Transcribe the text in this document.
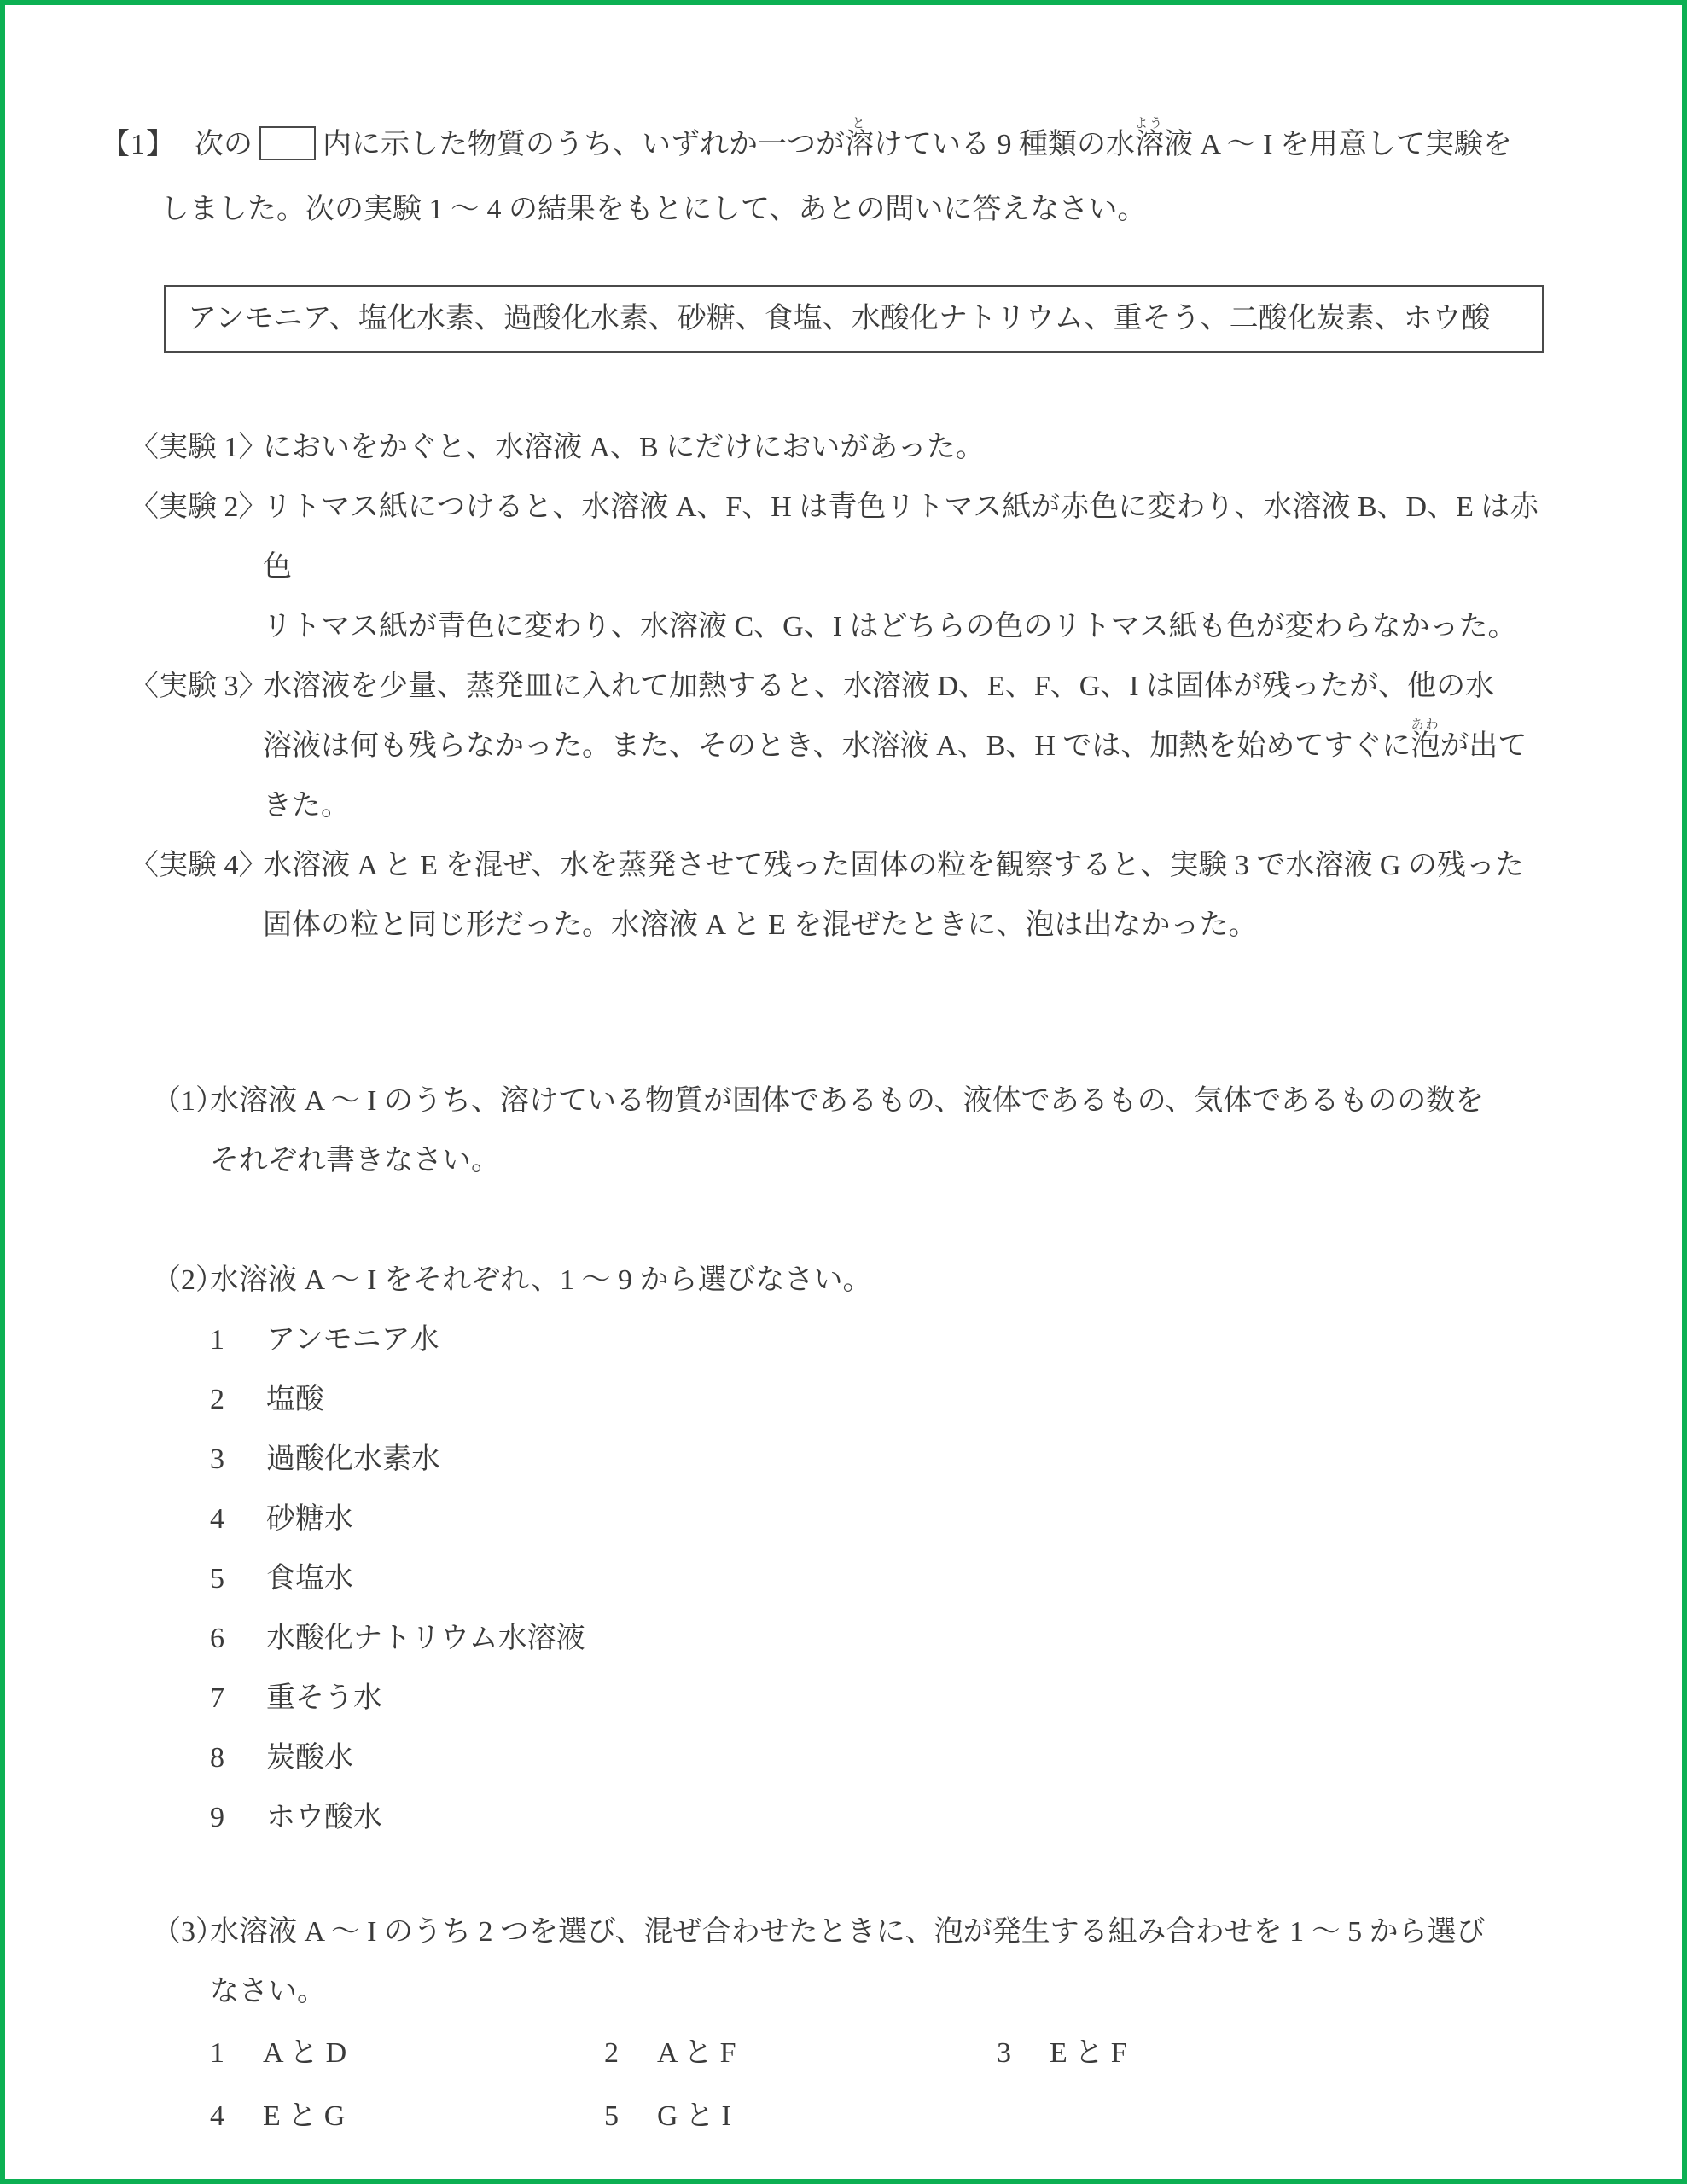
【1】 次の 内に示した物質のうち、いずれか一つが溶とけている 9 種類の水溶よう液 A ～ I を用意して実験を
しました。次の実験 1 ～ 4 の結果をもとにして、あとの問いに答えなさい。
アンモニア、塩化水素、過酸化水素、砂糖、食塩、水酸化ナトリウム、重そう、二酸化炭素、ホウ酸
〈実験 1〉
においをかぐと、水溶液 A、B にだけにおいがあった。
〈実験 2〉
リトマス紙につけると、水溶液 A、F、H は青色リトマス紙が赤色に変わり、水溶液 B、D、E は赤色
リトマス紙が青色に変わり、水溶液 C、G、I はどちらの色のリトマス紙も色が変わらなかった。
〈実験 3〉
水溶液を少量、蒸発皿に入れて加熱すると、水溶液 D、E、F、G、I は固体が残ったが、他の水
溶液は何も残らなかった。また、そのとき、水溶液 A、B、H では、加熱を始めてすぐに泡あわが出て
きた。
〈実験 4〉
水溶液 A と E を混ぜ、水を蒸発させて残った固体の粒を観察すると、実験 3 で水溶液 G の残った
固体の粒と同じ形だった。水溶液 A と E を混ぜたときに、泡は出なかった。
（1）
水溶液 A ～ I のうち、溶けている物質が固体であるもの、液体であるもの、気体であるものの数を
それぞれ書きなさい。
（2）
水溶液 A ～ I をそれぞれ、1 ～ 9 から選びなさい。
1 アンモニア水
2 塩酸
3 過酸化水素水
4 砂糖水
5 食塩水
6 水酸化ナトリウム水溶液
7 重そう水
8 炭酸水
9 ホウ酸水
（3）
水溶液 A ～ I のうち 2 つを選び、混ぜ合わせたときに、泡が発生する組み合わせを 1 ～ 5 から選び
なさい。
1 A と D	2 A と F	3 E と F
4 E と G	5 G と I
